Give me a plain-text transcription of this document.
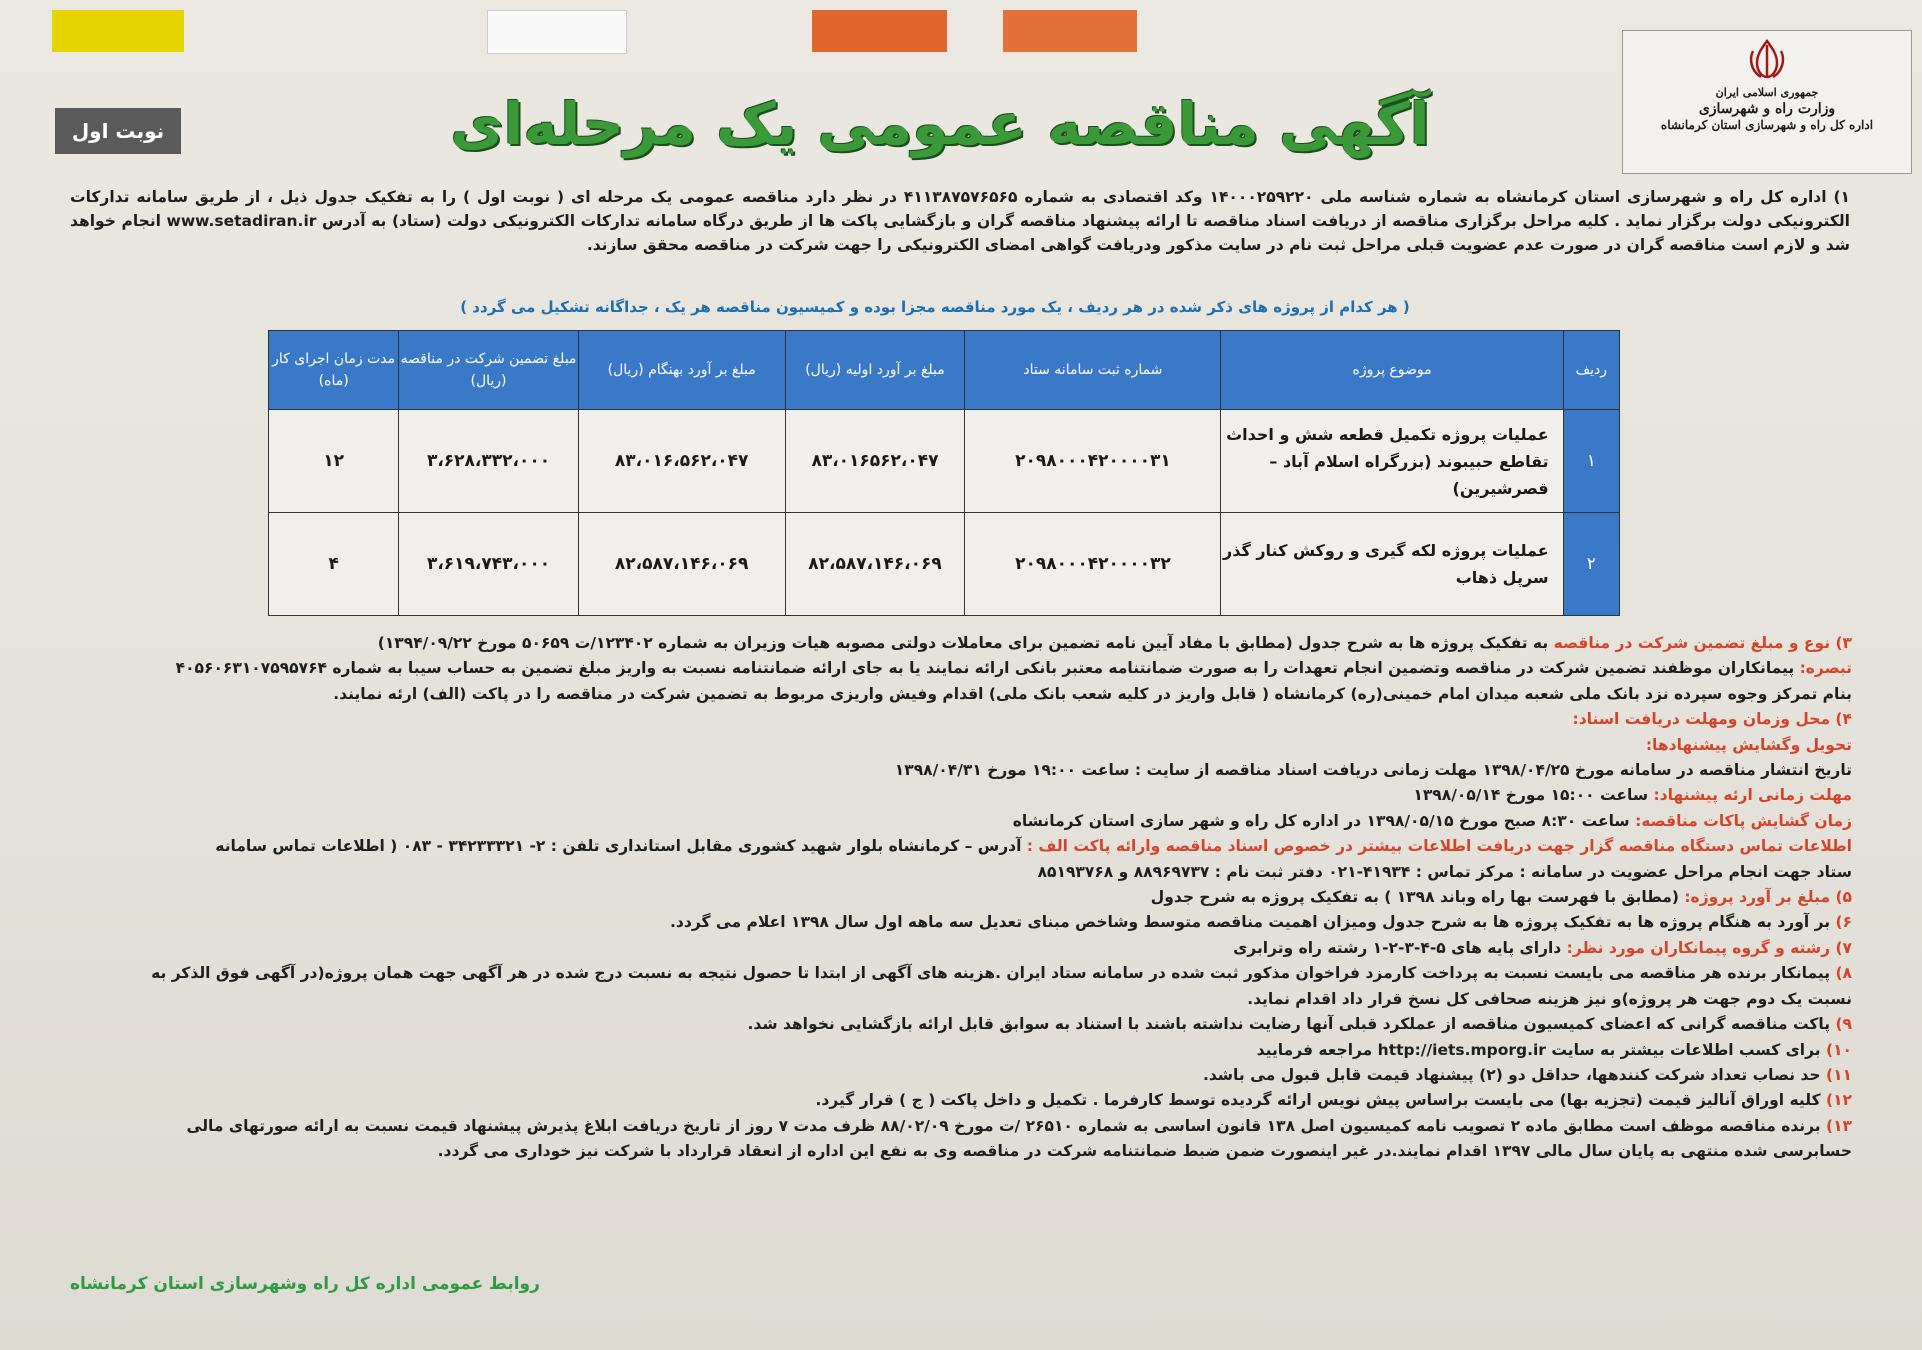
جمهوری اسلامی ایران
وزارت راه و شهرسازی
اداره کل راه و شهرسازی استان کرمانشاه
نوبت اول	آگهی مناقصه عمومی یک مرحله‌ای
۱) اداره کل راه و شهرسازی استان کرمانشاه به شماره شناسه ملی ۱۴۰۰۰۲۵۹۲۲۰ وکد اقتصادی به شماره ۴۱۱۳۸۷۵۷۶۵۶۵ در نظر دارد مناقصه عمومی یک مرحله ای ( نوبت اول ) را به تفکیک جدول ذیل ، از طریق سامانه تدارکات الکترونیکی دولت برگزار نماید . کلیه مراحل برگزاری مناقصه از دریافت اسناد مناقصه تا ارائه پیشنهاد مناقصه گران و بازگشایی پاکت ها از طریق درگاه سامانه تدارکات الکترونیکی دولت (ستاد) به آدرس www.setadiran.ir انجام خواهد شد و لازم است مناقصه گران در صورت عدم عضویت قبلی مراحل ثبت نام در سایت مذکور ودریافت گواهی امضای الکترونیکی را جهت شرکت در مناقصه محقق سازند.
( هر کدام از پروژه های ذکر شده در هر ردیف ، یک مورد مناقصه مجزا بوده و کمیسیون مناقصه هر یک ، جداگانه تشکیل می گردد )
ردیف	موضوع پروژه	شماره ثبت سامانه ستاد	مبلغ بر آورد اولیه (ریال)	مبلغ بر آورد بهنگام (ریال)	مبلغ تضمین شرکت در مناقصه (ریال)	مدت زمان اجرای کار (ماه)
۱	عملیات پروژه تکمیل قطعه شش و احداث تقاطع حبیبوند (بزرگراه اسلام آباد – قصرشیرین)	۲۰۹۸۰۰۰۴۲۰۰۰۰۳۱	۸۳،۰۱۶۵۶۲،۰۴۷	۸۳،۰۱۶،۵۶۲،۰۴۷	۳،۶۲۸،۳۳۲،۰۰۰	۱۲
۲	عملیات پروژه لکه گیری و روکش کنار گذر سرپل ذهاب	۲۰۹۸۰۰۰۴۲۰۰۰۰۳۲	۸۲،۵۸۷،۱۴۶،۰۶۹	۸۲،۵۸۷،۱۴۶،۰۶۹	۳،۶۱۹،۷۴۳،۰۰۰	۴
۳) نوع و مبلغ تضمین شرکت در مناقصه به تفکیک پروژه ها به شرح جدول (مطابق با مفاد آیین نامه تضمین برای معاملات دولتی مصوبه هیات وزیران به شماره ۱۲۳۴۰۲/ت ۵۰۶۵۹ مورخ ۱۳۹۴/۰۹/۲۲)
تبصره: پیمانکاران موظفند تضمین شرکت در مناقصه وتضمین انجام تعهدات را به صورت ضمانتنامه معتبر بانکی ارائه نمایند یا به جای ارائه ضمانتنامه نسبت به واریز مبلغ تضمین به حساب سیبا به شماره ۴۰۵۶۰۶۳۱۰۷۵۹۵۷۶۴
بنام تمرکز وجوه سپرده نزد بانک ملی شعبه میدان امام خمینی(ره) کرمانشاه ( قابل واریز در کلیه شعب بانک ملی) اقدام وفیش واریزی مربوط به تضمین شرکت در مناقصه را در پاکت (الف) ارئه نمایند.
۴) محل وزمان ومهلت دریافت اسناد:
تحویل وگشایش پیشنهادها:
تاریخ انتشار مناقصه در سامانه مورخ ۱۳۹۸/۰۴/۲۵ مهلت زمانی دریافت اسناد مناقصه از سایت : ساعت ۱۹:۰۰ مورخ ۱۳۹۸/۰۴/۳۱
مهلت زمانی ارئه پیشنهاد: ساعت ۱۵:۰۰ مورخ ۱۳۹۸/۰۵/۱۴
زمان گشایش پاکات مناقصه: ساعت ۸:۳۰ صبح مورخ ۱۳۹۸/۰۵/۱۵ در اداره کل راه و شهر سازی استان کرمانشاه
اطلاعات تماس دستگاه مناقصه گزار جهت دریافت اطلاعات بیشتر در خصوص اسناد مناقصه وارائه پاکت الف : آدرس – کرمانشاه بلوار شهید کشوری مقابل استانداری تلفن : ۲- ۳۴۲۳۳۳۲۱ - ۰۸۳ ( اطلاعات تماس سامانه
ستاد جهت انجام مراحل عضویت در سامانه : مرکز تماس : ۴۱۹۳۴-۰۲۱ دفتر ثبت نام : ۸۸۹۶۹۷۳۷ و ۸۵۱۹۳۷۶۸
۵) مبلغ بر آورد پروژه: (مطابق با فهرست بها راه وباند ۱۳۹۸ ) به تفکیک پروژه به شرح جدول
۶) بر آورد به هنگام پروژه ها به تفکیک پروژه ها به شرح جدول ومیزان اهمیت مناقصه متوسط وشاخص مبنای تعدیل سه ماهه اول سال ۱۳۹۸ اعلام می گردد.
۷) رشته و گروه پیمانکاران مورد نظر: دارای پایه های ۵-۴-۳-۲-۱ رشته راه وترابری
۸) پیمانکار برنده هر مناقصه می بایست نسبت به پرداخت کارمزد فراخوان مذکور ثبت شده در سامانه ستاد ایران .هزینه های آگهی از ابتدا تا حصول نتیجه به نسبت درج شده در هر آگهی جهت همان پروژه(در آگهی فوق الذکر به
نسبت یک دوم جهت هر پروژه)و نیز هزینه صحافی کل نسخ قرار داد اقدام نماید.
۹) پاکت مناقصه گرانی که اعضای کمیسیون مناقصه از عملکرد قبلی آنها رضایت نداشته باشند با استناد به سوابق قابل ارائه بازگشایی نخواهد شد.
۱۰) برای کسب اطلاعات بیشتر به سایت http://iets.mporg.ir مراجعه فرمایید
۱۱) حد نصاب تعداد شرکت کنندهها، حداقل دو (۲) پیشنهاد قیمت قابل قبول می باشد.
۱۲) کلیه اوراق آنالیز قیمت (تجزیه بها) می بایست براساس پیش نویس ارائه گردیده توسط کارفرما . تکمیل و داخل پاکت ( ج ) قرار گیرد.
۱۳) برنده مناقصه موظف است مطابق ماده ۲ تصویب نامه کمیسیون اصل ۱۳۸ قانون اساسی به شماره ۲۶۵۱۰ /ت مورخ ۸۸/۰۲/۰۹ ظرف مدت ۷ روز از تاریخ دریافت ابلاغ پذیرش پیشنهاد قیمت نسبت به ارائه صورتهای مالی
حسابرسی شده منتهی به پایان سال مالی ۱۳۹۷ اقدام نمایند.در غیر اینصورت ضمن ضبط ضمانتنامه شرکت در مناقصه وی به نفع این اداره از انعقاد قرارداد با شرکت نیز خوداری می گردد.
روابط عمومی اداره کل راه وشهرسازی استان کرمانشاه
